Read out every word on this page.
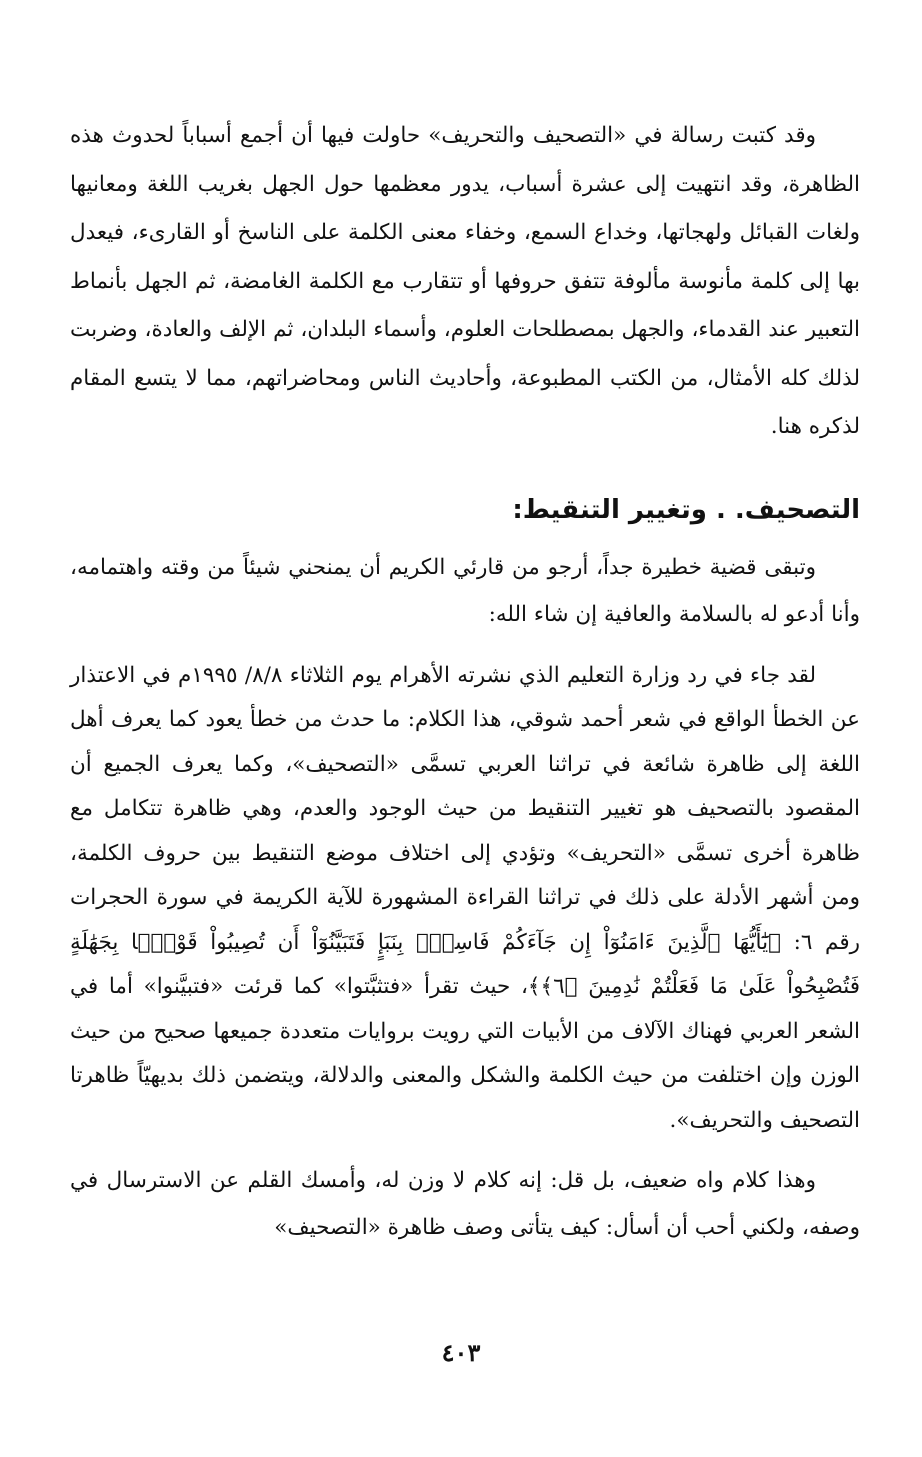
وقد كتبت رسالة في «التصحيف والتحريف» حاولت فيها أن أجمع أسباباً لحدوث هذه الظاهرة، وقد انتهيت إلى عشرة أسباب، يدور معظمها حول الجهل بغريب اللغة ومعانيها ولغات القبائل ولهجاتها، وخداع السمع، وخفاء معنى الكلمة على الناسخ أو القارىء، فيعدل بها إلى كلمة مأنوسة مألوفة تتفق حروفها أو تتقارب مع الكلمة الغامضة، ثم الجهل بأنماط التعبير عند القدماء، والجهل بمصطلحات العلوم، وأسماء البلدان، ثم الإلف والعادة، وضربت لذلك كله الأمثال، من الكتب المطبوعة، وأحاديث الناس ومحاضراتهم، مما لا يتسع المقام لذكره هنا.

التصحيف. . وتغيير التنقيط:

وتبقى قضية خطيرة جداً، أرجو من قارئي الكريم أن يمنحني شيئاً من وقته واهتمامه، وأنا أدعو له بالسلامة والعافية إن شاء الله:

لقد جاء في رد وزارة التعليم الذي نشرته الأهرام يوم الثلاثاء ٨/٨/ ١٩٩٥م في الاعتذار عن الخطأ الواقع في شعر أحمد شوقي، هذا الكلام: ما حدث من خطأ يعود كما يعرف أهل اللغة إلى ظاهرة شائعة في تراثنا العربي تسمَّى «التصحيف»، وكما يعرف الجميع أن المقصود بالتصحيف هو تغيير التنقيط من حيث الوجود والعدم، وهي ظاهرة تتكامل مع ظاهرة أخرى تسمَّى «التحريف» وتؤدي إلى اختلاف موضع التنقيط بين حروف الكلمة، ومن أشهر الأدلة على ذلك في تراثنا القراءة المشهورة للآية الكريمة في سورة الحجرات رقم ٦: ﴿يَٰٓأَيُّهَا ٱلَّذِينَ ءَامَنُوٓاْ إِن جَآءَكُمْ فَاسِقٌۢ بِنَبَإٍ فَتَبَيَّنُوٓاْ أَن تُصِيبُواْ قَوْمًۢا بِجَهَٰلَةٍ فَتُصْبِحُواْ عَلَىٰ مَا فَعَلْتُمْ نَٰدِمِينَ ﴿٦﴾﴾، حيث تقرأ «فتثبَّتوا» كما قرئت «فتبيَّنوا» أما في الشعر العربي فهناك الآلاف من الأبيات التي رويت بروايات متعددة جميعها صحيح من حيث الوزن وإن اختلفت من حيث الكلمة والشكل والمعنى والدلالة، ويتضمن ذلك بديهيّاً ظاهرتا التصحيف والتحريف».

وهذا كلام واه ضعيف، بل قل: إنه كلام لا وزن له، وأمسك القلم عن الاسترسال في وصفه، ولكني أحب أن أسأل: كيف يتأتى وصف ظاهرة «التصحيف»

٤٠٣
